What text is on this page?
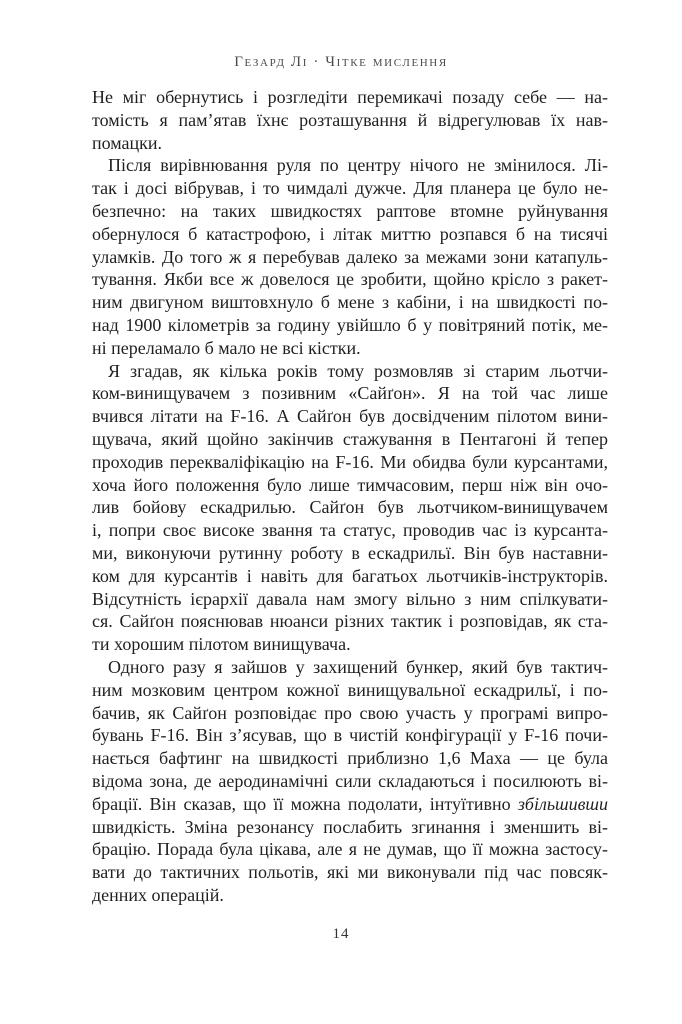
Гезард Лі · Чітке мислення
Не міг обернутись і розгледіти перемикачі позаду себе — на-
томість я пам’ятав їхнє розташування й відрегулював їх нав-
помацки.
Після вирівнювання руля по центру нічого не змінилося. Лі-
так і досі вібрував, і то чимдалі дужче. Для планера це було не-
безпечно: на таких швидкостях раптове втомне руйнування
обернулося б катастрофою, і літак миттю розпався б на тисячі
уламків. До того ж я перебував далеко за межами зони катапуль-
тування. Якби все ж довелося це зробити, щойно крісло з ракет-
ним двигуном виштовхнуло б мене з кабіни, і на швидкості по-
над 1900 кілометрів за годину увійшло б у повітряний потік, ме-
ні переламало б мало не всі кістки.
Я згадав, як кілька років тому розмовляв зі старим льотчи-
ком-винищувачем з позивним «Сайґон». Я на той час лише
вчився літати на F-16. А Сайґон був досвідченим пілотом вини-
щувача, який щойно закінчив стажування в Пентагоні й тепер
проходив перекваліфікацію на F-16. Ми обидва були курсантами,
хоча його положення було лише тимчасовим, перш ніж він очо-
лив бойову ескадрилью. Сайґон був льотчиком-винищувачем
і, попри своє високе звання та статус, проводив час із курсанта-
ми, виконуючи рутинну роботу в ескадрильї. Він був наставни-
ком для курсантів і навіть для багатьох льотчиків-інструкторів.
Відсутність ієрархії давала нам змогу вільно з ним спілкувати-
ся. Сайґон пояснював нюанси різних тактик і розповідав, як ста-
ти хорошим пілотом винищувача.
Одного разу я зайшов у захищений бункер, який був тактич-
ним мозковим центром кожної винищувальної ескадрильї, і по-
бачив, як Сайґон розповідає про свою участь у програмі випро-
бувань F-16. Він з’ясував, що в чистій конфігурації у F-16 почи-
нається бафтинг на швидкості приблизно 1,6 Маха — це була
відома зона, де аеродинамічні сили складаються і посилюють ві-
брації. Він сказав, що її можна подолати, інтуїтивно збільшивши
швидкість. Зміна резонансу послабить згинання і зменшить ві-
брацію. Порада була цікава, але я не думав, що її можна застосу-
вати до тактичних польотів, які ми виконували під час повсяк-
денних операцій.
14
